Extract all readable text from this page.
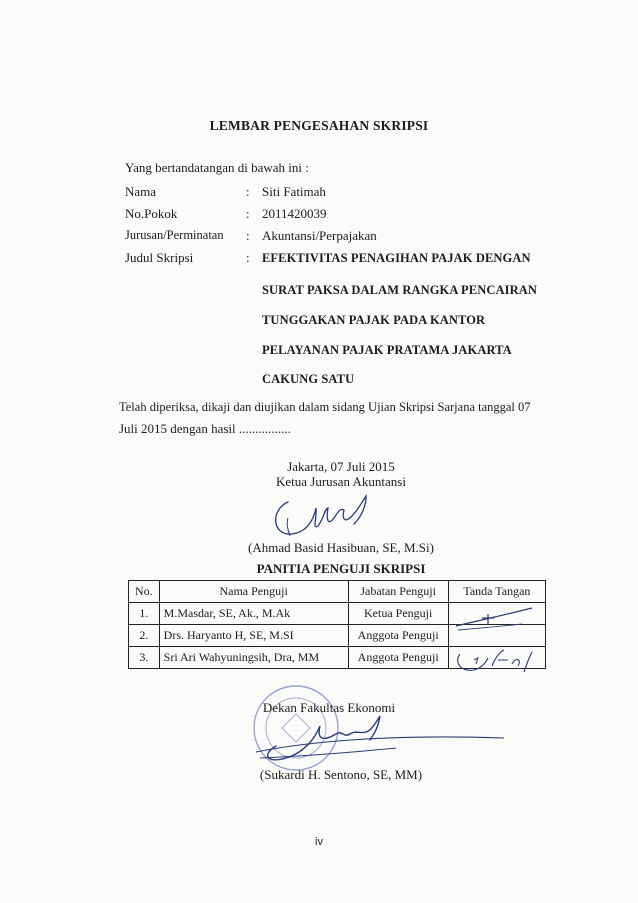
LEMBAR PENGESAHAN SKRIPSI
Yang bertandatangan di bawah ini :
Nama	: Siti Fatimah
No.Pokok	: 2011420039
Jurusan/Perminatan : Akuntansi/Perpajakan
Judul Skripsi	: EFEKTIVITAS PENAGIHAN PAJAK DENGAN
SURAT PAKSA DALAM RANGKA PENCAIRAN
TUNGGAKAN PAJAK PADA KANTOR
PELAYANAN PAJAK PRATAMA JAKARTA
CAKUNG SATU
Telah diperiksa, dikaji dan diujikan dalam sidang Ujian Skripsi Sarjana tanggal 07
Juli 2015 dengan hasil ................
Jakarta, 07 Juli 2015
Ketua Jurusan Akuntansi
(Ahmad Basid Hasibuan, SE, M.Si)
PANITIA PENGUJI SKRIPSI
No.	Nama Penguji	Jabatan Penguji	Tanda Tangan
1.	M.Masdar, SE, Ak., M.Ak	Ketua Penguji	
2.	Drs. Haryanto H, SE, M.SI	Anggota Penguji	
3.	Sri Ari Wahyuningsih, Dra, MM	Anggota Penguji	
Dekan Fakultas Ekonomi
(Sukardi H. Sentono, SE, MM)
iv
